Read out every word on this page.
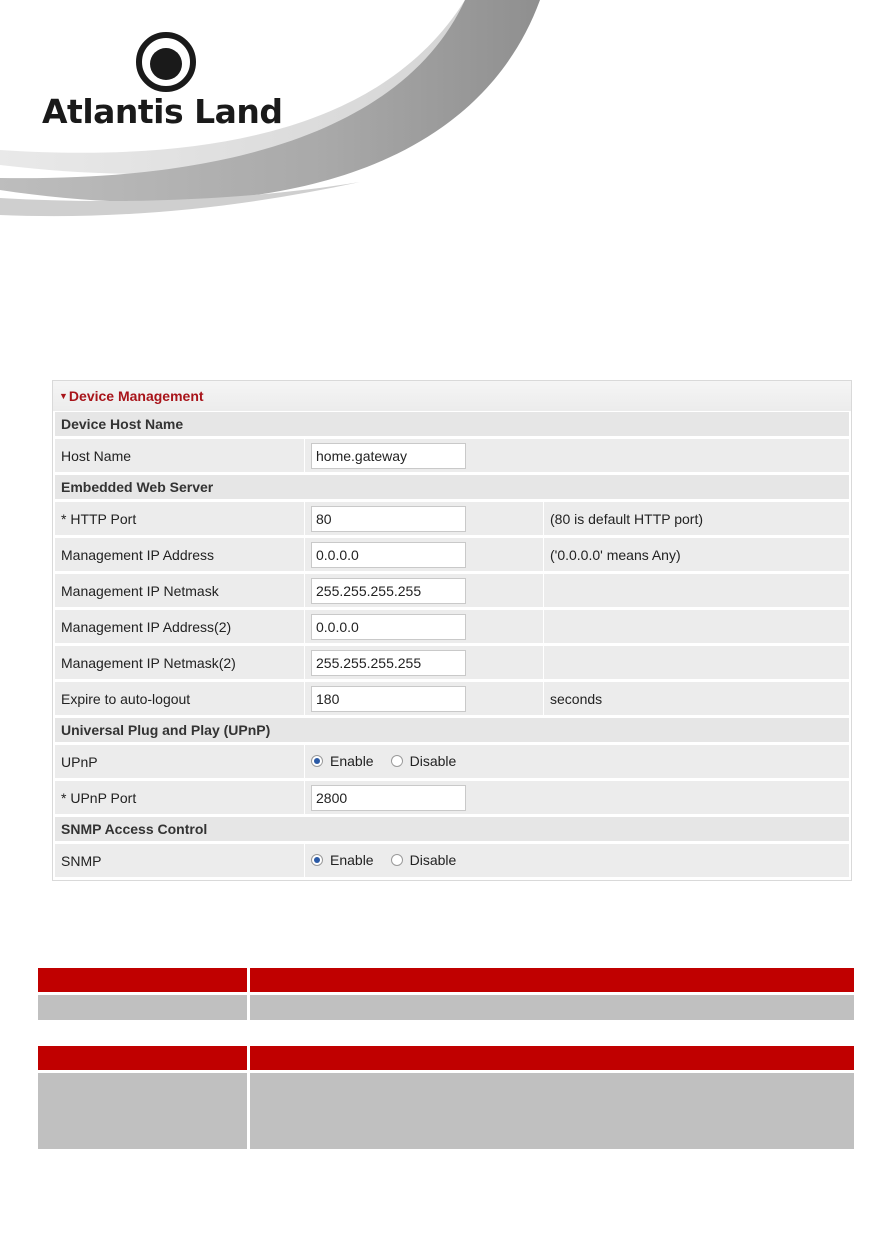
Atlantis Land
▼Device Management
Device Host Name		
Host Name	home.gateway	
Embedded Web Server		
* HTTP Port	80	(80 is default HTTP port)
Management IP Address	0.0.0.0	('0.0.0.0' means Any)
Management IP Netmask	255.255.255.255	
Management IP Address(2)	0.0.0.0	
Management IP Netmask(2)	255.255.255.255	
Expire to auto-logout	180	seconds
Universal Plug and Play (UPnP)		
UPnP	Enable Disable	

* UPnP Port	2800	
SNMP Access Control		
SNMP	Enable Disable	
